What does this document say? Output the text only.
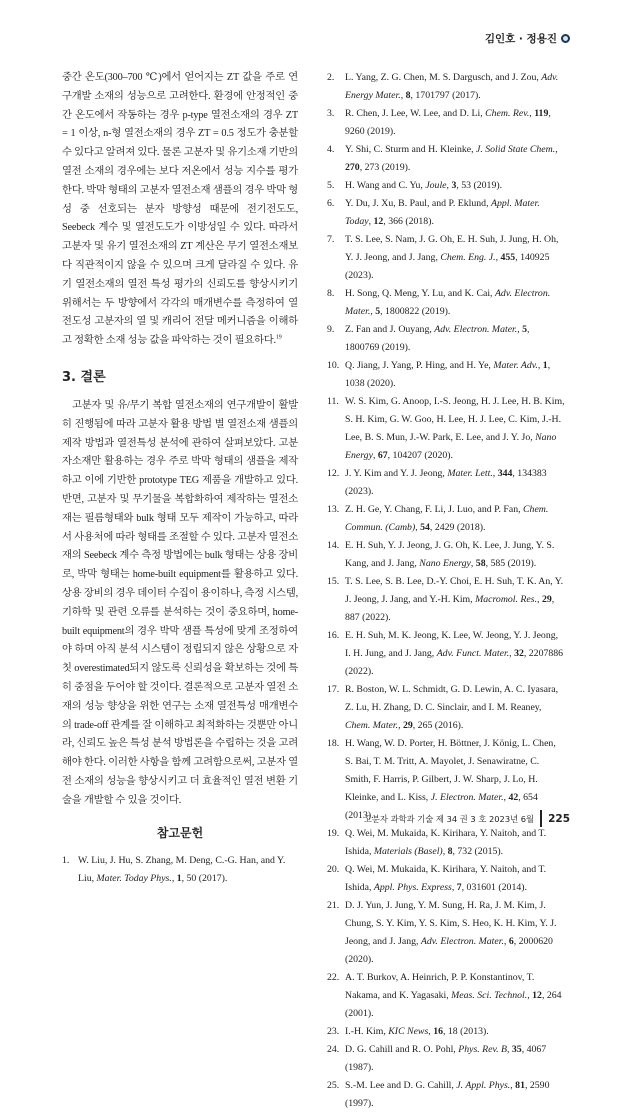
김인호 · 정용진

중간 온도(300–700 ℃)에서 얻어지는 ZT 값을 주로 연구개발 소재의 성능으로 고려한다. 환경에 안정적인 중간 온도에서 작동하는 경우 p-type 열전소재의 경우 ZT = 1 이상, n-형 열전소재의 경우 ZT = 0.5 정도가 충분할 수 있다고 알려져 있다. 물론 고분자 및 유기소재 기반의 열전 소재의 경우에는 보다 저온에서 성능 지수를 평가한다. 박막 형태의 고분자 열전소재 샘플의 경우 박막 형성 중 선호되는 분자 방향성 때문에 전기전도도, Seebeck 계수 및 열전도도가 이방성일 수 있다. 따라서 고분자 및 유기 열전소재의 ZT 계산은 무기 열전소재보다 직관적이지 않을 수 있으며 크게 달라질 수 있다. 유기 열전소재의 열전 특성 평가의 신뢰도를 향상시키기 위해서는 두 방향에서 각각의 매개변수를 측정하여 열전도성 고분자의 열 및 캐리어 전달 메커니즘을 이해하고 정확한 소재 성능 값을 파악하는 것이 필요하다.$^{19}$

3. 결론

고분자 및 유/무기 복합 열전소재의 연구개발이 활발히 진행됨에 따라 고분자 활용 방법 별 열전소재 샘플의 제작 방법과 열전특성 분석에 관하여 살펴보았다. 고분자소재만 활용하는 경우 주로 박막 형태의 샘플을 제작하고 이에 기반한 prototype TEG 제품을 개발하고 있다. 반면, 고분자 및 무기물을 복합화하여 제작하는 열전소재는 필름형태와 bulk 형태 모두 제작이 가능하고, 따라서 사용처에 따라 형태를 조절할 수 있다. 고분자 열전소재의 Seebeck 계수 측정 방법에는 bulk 형태는 상용 장비로, 박막 형태는 home-built equipment를 활용하고 있다. 상용 장비의 경우 데이터 수집이 용이하나, 측정 시스템, 기하학 및 관련 오류를 분석하는 것이 중요하며, home-built equipment의 경우 박막 샘플 특성에 맞게 조정하여야 하며 아직 분석 시스템이 정립되지 않은 상황으로 자칫 overestimated되지 않도록 신뢰성을 확보하는 것에 특히 중점을 두어야 할 것이다. 결론적으로 고분자 열전 소재의 성능 향상을 위한 연구는 소재 열전특성 매개변수의 trade-off 관계를 잘 이해하고 최적화하는 것뿐만 아니라, 신뢰도 높은 특성 분석 방법론을 수립하는 것을 고려해야 한다. 이러한 사항을 함께 고려함으로써, 고분자 열전 소재의 성능을 향상시키고 더 효율적인 열전 변환 기술을 개발할 수 있을 것이다.

참고문헌
1. W. Liu, J. Hu, S. Zhang, M. Deng, C.-G. Han, and Y. Liu, Mater. Today Phys., 1, 50 (2017).
2.	L. Yang, Z. G. Chen, M. S. Dargusch, and J. Zou, Adv. Energy Mater., 8, 1701797 (2017).
3.	R. Chen, J. Lee, W. Lee, and D. Li, Chem. Rev., 119, 9260 (2019).
4.	Y. Shi, C. Sturm and H. Kleinke, J. Solid State Chem., 270, 273 (2019).
5.	H. Wang and C. Yu, Joule, 3, 53 (2019).
6.	Y. Du, J. Xu, B. Paul, and P. Eklund, Appl. Mater. Today, 12, 366 (2018).
7.	T. S. Lee, S. Nam, J. G. Oh, E. H. Suh, J. Jung, H. Oh, Y. J. Jeong, and J. Jang, Chem. Eng. J., 455, 140925 (2023).
8.	H. Song, Q. Meng, Y. Lu, and K. Cai, Adv. Electron. Mater., 5, 1800822 (2019).
9.	Z. Fan and J. Ouyang, Adv. Electron. Mater., 5, 1800769 (2019).
10. Q. Jiang, J. Yang, P. Hing, and H. Ye, Mater. Adv., 1, 1038 (2020).
11. W. S. Kim, G. Anoop, I.-S. Jeong, H. J. Lee, H. B. Kim, S. H. Kim, G. W. Goo, H. Lee, H. J. Lee, C. Kim, J.-H. Lee, B. S. Mun, J.-W. Park, E. Lee, and J. Y. Jo, Nano Energy, 67, 104207 (2020).
12. J. Y. Kim and Y. J. Jeong, Mater. Lett., 344, 134383 (2023).
13. Z. H. Ge, Y. Chang, F. Li, J. Luo, and P. Fan, Chem. Commun. (Camb), 54, 2429 (2018).
14. E. H. Suh, Y. J. Jeong, J. G. Oh, K. Lee, J. Jung, Y. S. Kang, and J. Jang, Nano Energy, 58, 585 (2019).
15. T. S. Lee, S. B. Lee, D.-Y. Choi, E. H. Suh, T. K. An, Y. J. Jeong, J. Jang, and Y.-H. Kim, Macromol. Res., 29, 887 (2022).
16. E. H. Suh, M. K. Jeong, K. Lee, W. Jeong, Y. J. Jeong, I. H. Jung, and J. Jang, Adv. Funct. Mater., 32, 2207886 (2022).
17. R. Boston, W. L. Schmidt, G. D. Lewin, A. C. Iyasara, Z. Lu, H. Zhang, D. C. Sinclair, and I. M. Reaney, Chem. Mater., 29, 265 (2016).
18. H. Wang, W. D. Porter, H. Böttner, J. König, L. Chen, S. Bai, T. M. Tritt, A. Mayolet, J. Senawiratne, C. Smith, F. Harris, P. Gilbert, J. W. Sharp, J. Lo, H. Kleinke, and L. Kiss, J. Electron. Mater., 42, 654 (2013).
19. Q. Wei, M. Mukaida, K. Kirihara, Y. Naitoh, and T. Ishida, Materials (Basel), 8, 732 (2015).
20. Q. Wei, M. Mukaida, K. Kirihara, Y. Naitoh, and T. Ishida, Appl. Phys. Express, 7, 031601 (2014).
21. D. J. Yun, J. Jung, Y. M. Sung, H. Ra, J. M. Kim, J. Chung, S. Y. Kim, Y. S. Kim, S. Heo, K. H. Kim, Y. J. Jeong, and J. Jang, Adv. Electron. Mater., 6, 2000620 (2020).
22. A. T. Burkov, A. Heinrich, P. P. Konstantinov, T. Nakama, and K. Yagasaki, Meas. Sci. Technol., 12, 264 (2001).
23. I.-H. Kim, KIC News, 16, 18 (2013).
24. D. G. Cahill and R. O. Pohl, Phys. Rev. B, 35, 4067 (1987).
25. S.-M. Lee and D. G. Cahill, J. Appl. Phys., 81, 2590 (1997).
고분자 과학과 기술 제 34 권 3 호 2023년 6월 225
